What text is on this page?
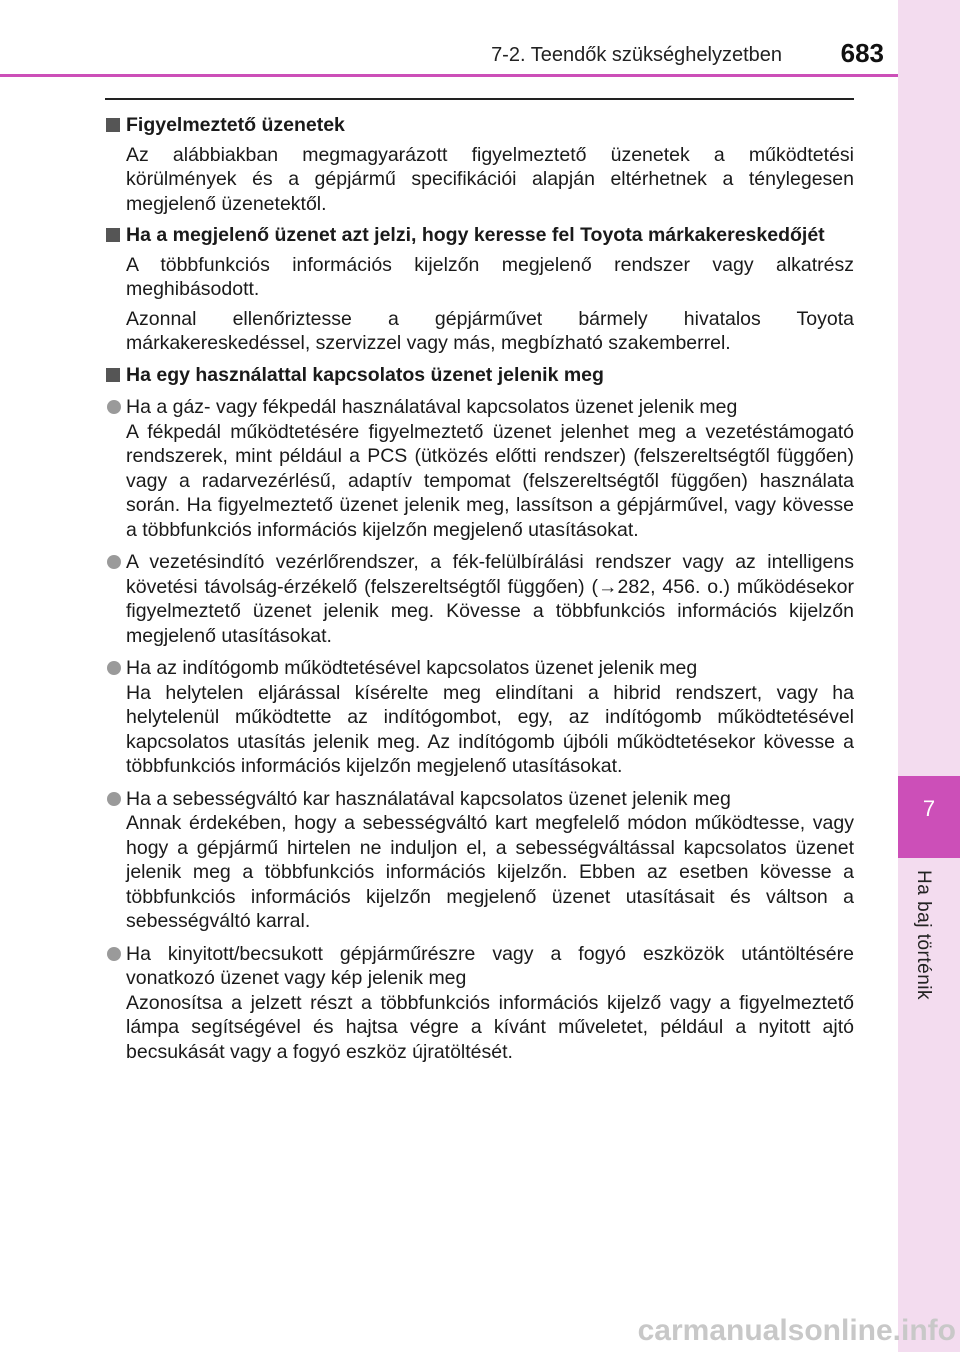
7
Ha baj történik
7-2. Teendők szükséghelyzetben 683
Figyelmeztető üzenetek
Az alábbiakban megmagyarázott figyelmeztető üzenetek a működtetési körülmények és a gépjármű specifikációi alapján eltérhetnek a ténylegesen megjelenő üzenetektől.
Ha a megjelenő üzenet azt jelzi, hogy keresse fel Toyota márkakereskedőjét
A többfunkciós információs kijelzőn megjelenő rendszer vagy alkatrész meghibásodott.
Azonnal ellenőriztesse a gépjárművet bármely hivatalos Toyota márkakereskedéssel, szervizzel vagy más, megbízható szakemberrel.
Ha egy használattal kapcsolatos üzenet jelenik meg
Ha a gáz- vagy fékpedál használatával kapcsolatos üzenet jelenik meg
A fékpedál működtetésére figyelmeztető üzenet jelenhet meg a vezetéstámogató rendszerek, mint például a PCS (ütközés előtti rendszer) (felszereltségtől függően) vagy a radarvezérlésű, adaptív tempomat (felszereltségtől függően) használata során. Ha figyelmeztető üzenet jelenik meg, lassítson a gépjárművel, vagy kövesse a többfunkciós információs kijelzőn megjelenő utasításokat.
A vezetésindító vezérlőrendszer, a fék-felülbírálási rendszer vagy az intelligens követési távolság-érzékelő (felszereltségtől függően) (→282, 456. o.) működésekor figyelmeztető üzenet jelenik meg. Kövesse a többfunkciós információs kijelzőn megjelenő utasításokat.
Ha az indítógomb működtetésével kapcsolatos üzenet jelenik meg
Ha helytelen eljárással kísérelte meg elindítani a hibrid rendszert, vagy ha helytelenül működtette az indítógombot, egy, az indítógomb működtetésével kapcsolatos utasítás jelenik meg. Az indítógomb újbóli működtetésekor kövesse a többfunkciós információs kijelzőn megjelenő utasításokat.
Ha a sebességváltó kar használatával kapcsolatos üzenet jelenik meg
Annak érdekében, hogy a sebességváltó kart megfelelő módon működtesse, vagy hogy a gépjármű hirtelen ne induljon el, a sebességváltással kapcsolatos üzenet jelenik meg a többfunkciós információs kijelzőn. Ebben az esetben kövesse a többfunkciós információs kijelzőn megjelenő üzenet utasításait és váltson a sebességváltó karral.
Ha kinyitott/becsukott gépjárműrészre vagy a fogyó eszközök utántöltésére vonatkozó üzenet vagy kép jelenik meg
Azonosítsa a jelzett részt a többfunkciós információs kijelző vagy a figyelmeztető lámpa segítségével és hajtsa végre a kívánt műveletet, például a nyitott ajtó becsukását vagy a fogyó eszköz újratöltését.
carmanualsonline.info
